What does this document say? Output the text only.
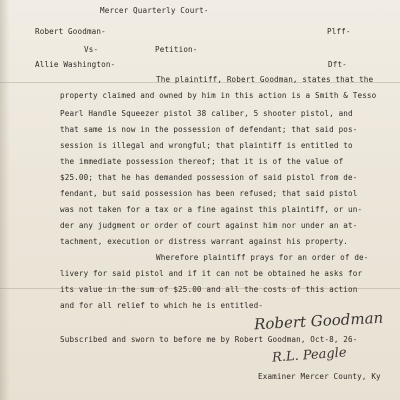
Mercer Quarterly Court-
Robert Goodman-	Plff-
Vs-	Petition-
Allie Washington-	Dft-
The plaintiff, Robert Goodman, states that the
property claimed and owned by him in this action is a Smith & Tesso
Pearl Handle Squeezer pistol 38 caliber, 5 shooter pistol, and
that same is now in the possession of defendant; that said pos-
session is illegal and wrongful; that plaintiff is entitled to
the immediate possession thereof; that it is of the value of
$25.00; that he has demanded possession of said pistol from de-
fendant, but said possession has been refused; that said pistol
was not taken for a tax or a fine against this plaintiff, or un-
der any judgment or order of court against him nor under an at-
tachment, execution or distress warrant against his property.
Wherefore plaintiff prays for an order of de-
livery for said pistol and if it can not be obtained he asks for
its value in the sum of $25.00 and all the costs of this action
and for all relief to which he is entitled-
Robert Goodman
Subscribed and sworn to before me by Robert Goodman, Oct-8, 26-
R.L. Peagle
Examiner Mercer County, Ky
